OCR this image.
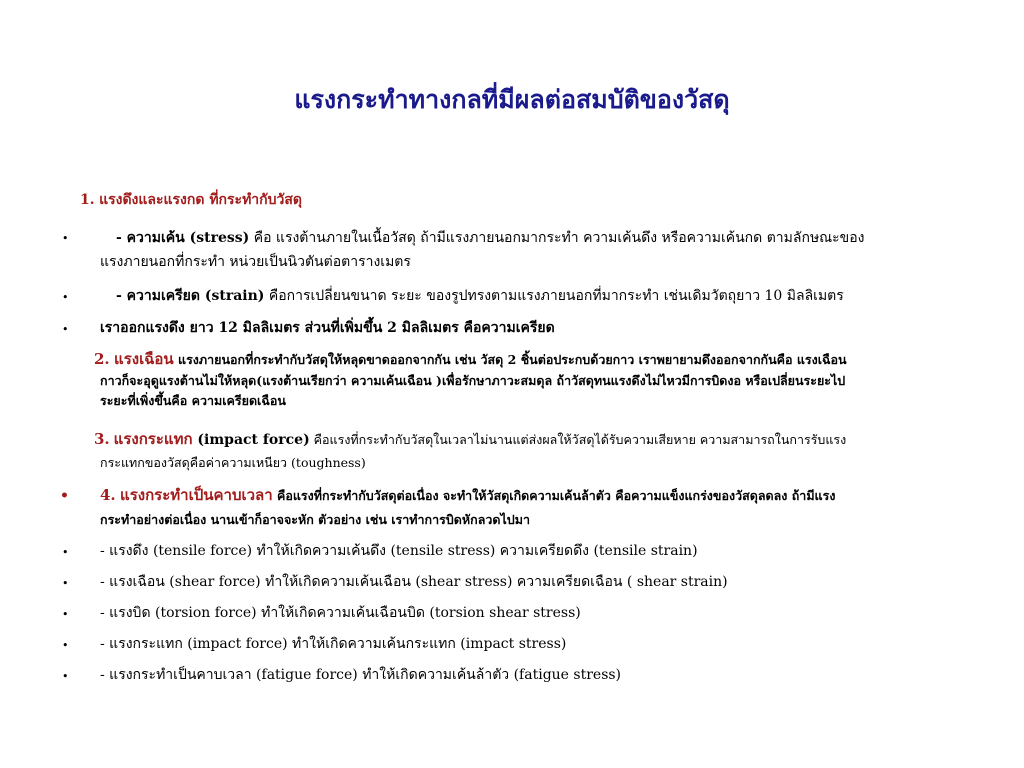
แรงกระทำทางกลที่มีผลต่อสมบัติของวัสดุ
1. แรงดึงและแรงกด ที่กระทำกับวัสดุ
•	- ความเค้น (stress) คือ แรงต้านภายในเนื้อวัสดุ ถ้ามีแรงภายนอกมากระทำ ความเค้นดึง หรือความเค้นกด ตามลักษณะของ
แรงภายนอกที่กระทำ หน่วยเป็นนิวตันต่อตารางเมตร
•	- ความเครียด (strain) คือการเปลี่ยนขนาด ระยะ ของรูปทรงตามแรงภายนอกที่มากระทำ เช่นเดิมวัตถุยาว 10 มิลลิเมตร
• เราออกแรงดึง ยาว 12 มิลลิเมตร ส่วนที่เพิ่มขึ้น 2 มิลลิเมตร คือความเครียด
2. แรงเฉือน แรงภายนอกที่กระทำกับวัสดุให้หลุดขาดออกจากกัน เช่น วัสดุ 2 ชิ้นต่อประกบด้วยกาว เราพยายามดึงออกจากกันคือ แรงเฉือน
กาวก็จะอุดูแรงต้านไม่ให้หลุด(แรงต้านเรียกว่า ความเค้นเฉือน )เพื่อรักษาภาวะสมดุล ถ้าวัสดุทนแรงดึงไม่ไหวมีการบิดงอ หรือเปลี่ยนระยะไป
ระยะที่เพิ่งขึ้นคือ ความเครียดเฉือน
3. แรงกระแทก (impact force) คือแรงที่กระทำกับวัสดุในเวลาไม่นานแต่ส่งผลให้วัสดุได้รับความเสียหาย ความสามารถในการรับแรง
กระแทกของวัสดุคือค่าความเหนียว (toughness)
• 4. แรงกระทำเป็นคาบเวลา คือแรงที่กระทำกับวัสดุต่อเนื่อง จะทำให้วัสดุเกิดความเค้นล้าตัว คือความแข็งแกร่งของวัสดุลดลง ถ้ามีแรง
กระทำอย่างต่อเนื่อง นานเข้าก็อาจจะหัก ตัวอย่าง เช่น เราทำการบิดหักลวดไปมา
• - แรงดึง (tensile force) ทำให้เกิดความเค้นดึง (tensile stress) ความเครียดดึง (tensile strain)
• - แรงเฉือน (shear force) ทำให้เกิดความเค้นเฉือน (shear stress) ความเครียดเฉือน ( shear strain)
• - แรงบิด (torsion force) ทำให้เกิดความเค้นเฉือนบิด (torsion shear stress)
• - แรงกระแทก (impact force) ทำให้เกิดความเค้นกระแทก (impact stress)
• - แรงกระทำเป็นคาบเวลา (fatigue force) ทำให้เกิดความเค้นล้าตัว (fatigue stress)
